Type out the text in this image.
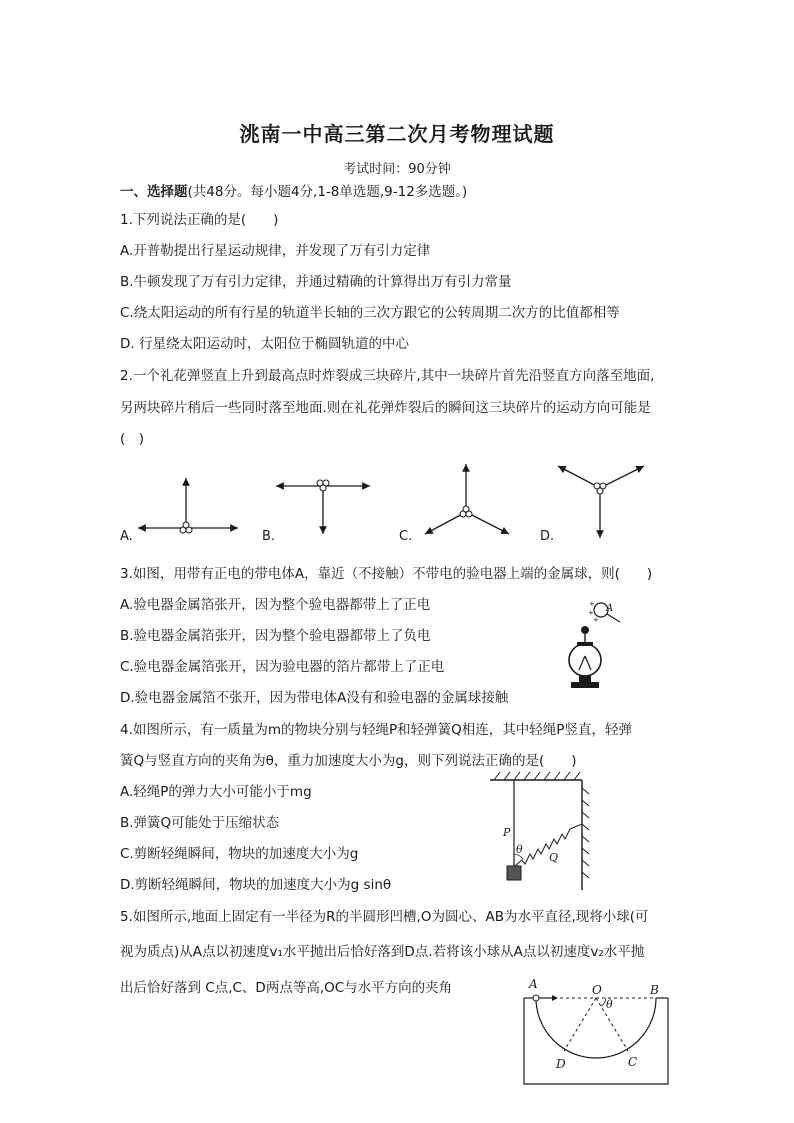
洮南一中高三第二次月考物理试题
考试时间：90分钟
一、选择题(共48分。每小题4分,1-8单选题,9-12多选题。)
1.下列说法正确的是(　　)
A.开普勒提出行星运动规律，并发现了万有引力定律
B.牛顿发现了万有引力定律，并通过精确的计算得出万有引力常量
C.绕太阳运动的所有行星的轨道半长轴的三次方跟它的公转周期二次方的比值都相等
D. 行星绕太阳运动时，太阳位于椭圆轨道的中心
2.一个礼花弹竖直上升到最高点时炸裂成三块碎片,其中一块碎片首先沿竖直方向落至地面,
另两块碎片稍后一些同时落至地面.则在礼花弹炸裂后的瞬间这三块碎片的运动方向可能是
(　)
A.	B.	C.	D.
3.如图，用带有正电的带电体A，靠近（不接触）不带电的验电器上端的金属球，则(　　)
A.验电器金属箔张开，因为整个验电器都带上了正电
B.验电器金属箔张开，因为整个验电器都带上了负电
C.验电器金属箔张开，因为验电器的箔片都带上了正电
D.验电器金属箔不张开，因为带电体A没有和验电器的金属球接触
+
+
+ A
4.如图所示，有一质量为m的物块分别与轻绳P和轻弹簧Q相连，其中轻绳P竖直，轻弹
簧Q与竖直方向的夹角为θ，重力加速度大小为g，则下列说法正确的是(　　)
A.轻绳P的弹力大小可能小于mg
B.弹簧Q可能处于压缩状态
C.剪断轻绳瞬间，物块的加速度大小为g
D.剪断轻绳瞬间，物块的加速度大小为g sinθ
P
θ
Q
5.如图所示,地面上固定有一半径为R的半圆形凹槽,O为圆心、AB为水平直径,现将小球(可
视为质点)从A点以初速度v₁水平抛出后恰好落到D点.若将该小球从A点以初速度v₂水平抛
出后恰好落到 C点,C、D两点等高,OC与水平方向的夹角	A	O	B
θ
D	C
